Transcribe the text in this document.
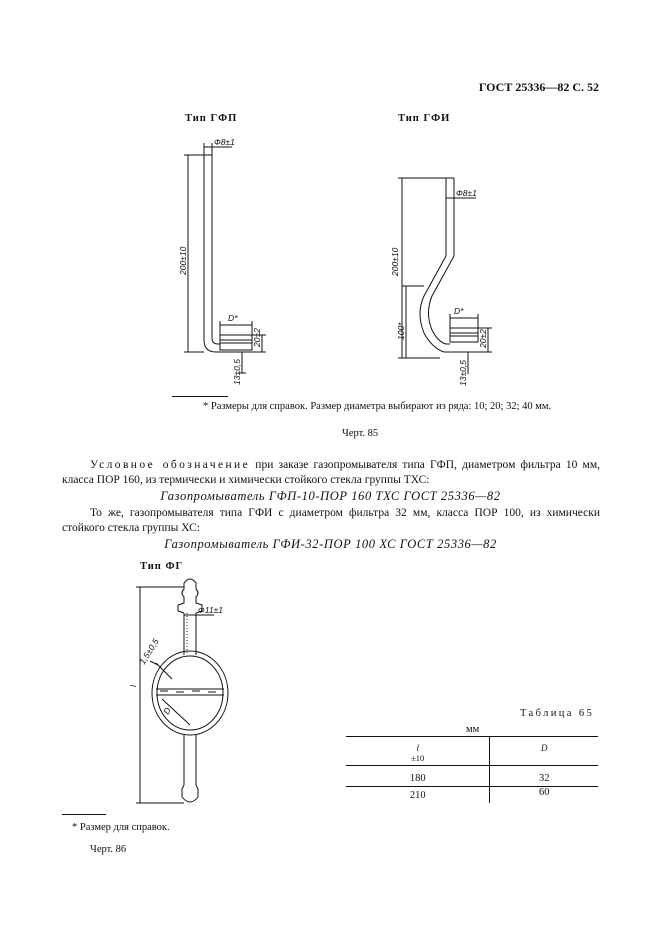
ГОСТ 25336—82 С. 52
Тип ГФП	Тип ГФИ
Ф8±1
200±10
D*
20±2
13±0,5
Ф8±1
200±10
100*
D*
20±2
13±0,5
* Размеры для справок. Размер диаметра выбирают из ряда: 10; 20; 32; 40 мм.
Черт. 85
Условное обозначение при заказе газопромывателя типа ГФП, диаметром фильтра 10 мм, класса ПОР 160, из термически и химически стойкого стекла группы ТХС:
Газопромыватель ГФП-10-ПОР 160 ТХС ГОСТ 25336—82
То же, газопромывателя типа ГФИ с диаметром фильтра 32 мм, класса ПОР 100, из химически стойкого стекла группы ХС:
Газопромыватель ГФИ-32-ПОР 100 ХС ГОСТ 25336—82
Тип ФГ
Ф11±1
1,5±0,5
D
l
* Размер для справок.
Черт. 86
Таблица 65
мм
l
±10	D
180	32
210	60
